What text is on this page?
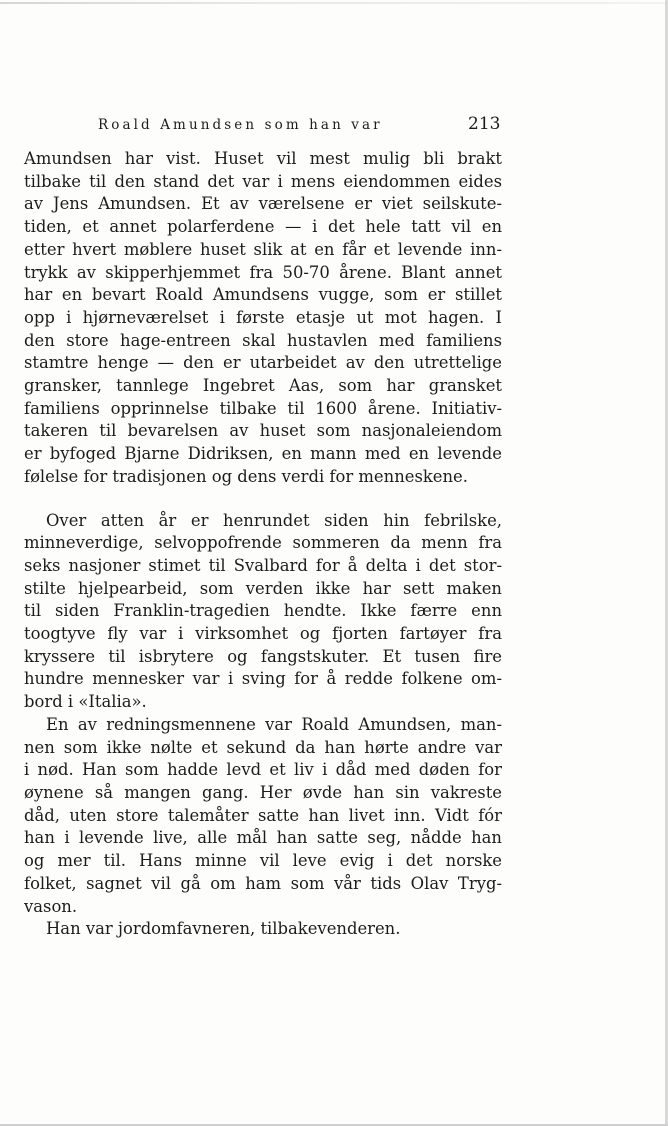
Roald Amundsen som han var	213
Amundsen har vist. Huset vil mest mulig bli brakt
tilbake til den stand det var i mens eiendommen eides
av Jens Amundsen. Et av værelsene er viet seilskute-
tiden, et annet polarferdene — i det hele tatt vil en
etter hvert møblere huset slik at en får et levende inn-
trykk av skipperhjemmet fra 50-70 årene. Blant annet
har en bevart Roald Amundsens vugge, som er stillet
opp i hjørneværelset i første etasje ut mot hagen. I
den store hage-entreen skal hustavlen med familiens
stamtre henge — den er utarbeidet av den utrettelige
gransker, tannlege Ingebret Aas, som har gransket
familiens opprinnelse tilbake til 1600 årene. Initiativ-
takeren til bevarelsen av huset som nasjonaleiendom
er byfoged Bjarne Didriksen, en mann med en levende
følelse for tradisjonen og dens verdi for menneskene.
Over atten år er henrundet siden hin febrilske,
minneverdige, selvoppofrende sommeren da menn fra
seks nasjoner stimet til Svalbard for å delta i det stor-
stilte hjelpearbeid, som verden ikke har sett maken
til siden Franklin-tragedien hendte. Ikke færre enn
toogtyve fly var i virksomhet og fjorten fartøyer fra
kryssere til isbrytere og fangstskuter. Et tusen fire
hundre mennesker var i sving for å redde folkene om-
bord i «Italia».
En av redningsmennene var Roald Amundsen, man-
nen som ikke nølte et sekund da han hørte andre var
i nød. Han som hadde levd et liv i dåd med døden for
øynene så mangen gang. Her øvde han sin vakreste
dåd, uten store talemåter satte han livet inn. Vidt fór
han i levende live, alle mål han satte seg, nådde han
og mer til. Hans minne vil leve evig i det norske
folket, sagnet vil gå om ham som vår tids Olav Tryg-
vason.
Han var jordomfavneren, tilbakevenderen.
